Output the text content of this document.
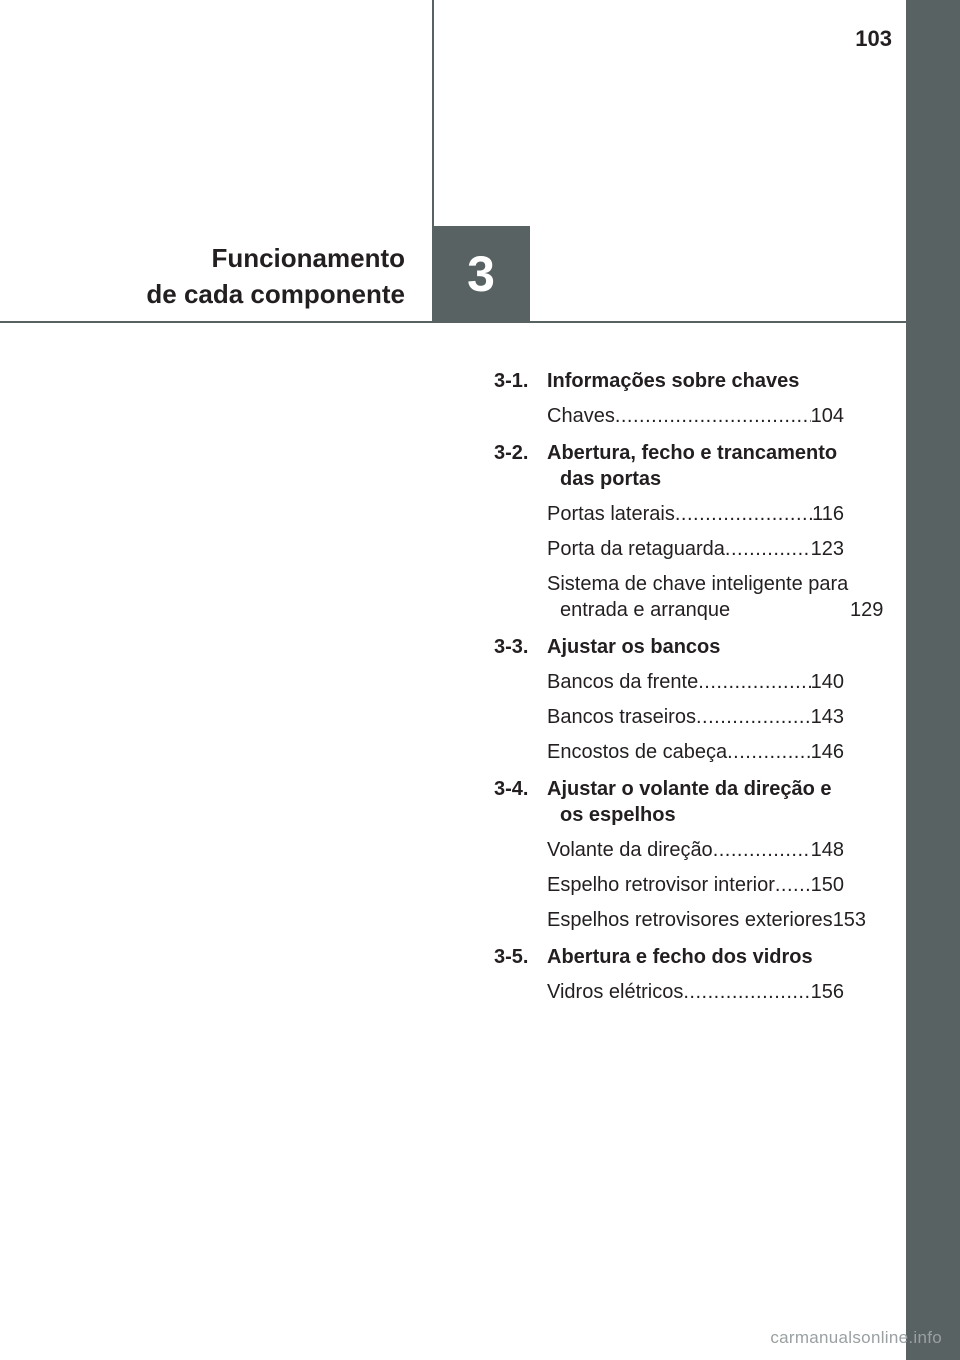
103
Funcionamento
de cada componente 3
3-1. Informações sobre chaves
Chaves .....	104
3-2. Abertura, fecho e trancamento das portas
Portas laterais .....	116
Porta da retaguarda .....	123
Sistema de chave inteligente para entrada e arranque	129
3-3. Ajustar os bancos
Bancos da frente .....	140
Bancos traseiros .....	143
Encostos de cabeça .....	146
3-4. Ajustar o volante da direção e os espelhos
Volante da direção .....	148
Espelho retrovisor interior ..... 150
Espelhos retrovisores exteriores 153
3-5. Abertura e fecho dos vidros
Vidros elétricos .....	156
carmanualsonline.info
